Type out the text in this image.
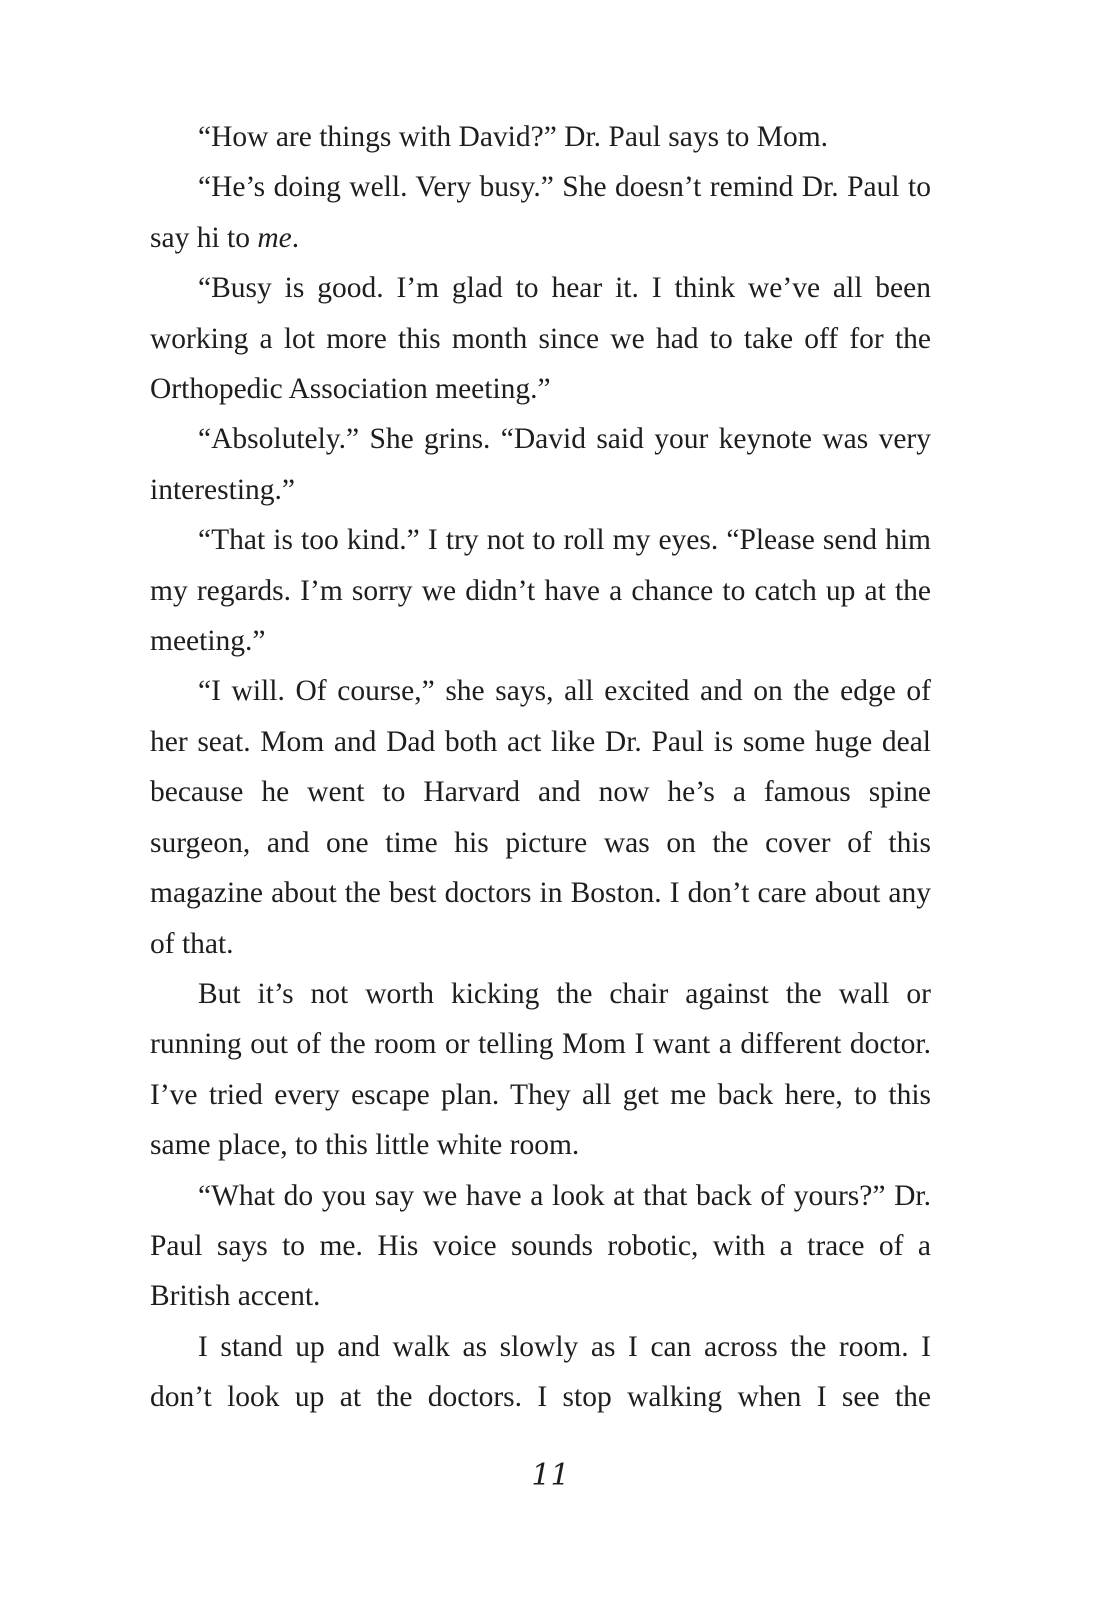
“How are things with David?” Dr. Paul says to Mom.

“He’s doing well. Very busy.” She doesn’t remind Dr. Paul to say hi to me.

“Busy is good. I’m glad to hear it. I think we’ve all been working a lot more this month since we had to take off for the Orthopedic Association meeting.”

“Absolutely.” She grins. “David said your keynote was very interesting.”

“That is too kind.” I try not to roll my eyes. “Please send him my regards. I’m sorry we didn’t have a chance to catch up at the meeting.”

“I will. Of course,” she says, all excited and on the edge of her seat. Mom and Dad both act like Dr. Paul is some huge deal because he went to Harvard and now he’s a famous spine surgeon, and one time his picture was on the cover of this magazine about the best doctors in Boston. I don’t care about any of that.

But it’s not worth kicking the chair against the wall or running out of the room or telling Mom I want a different doctor. I’ve tried every escape plan. They all get me back here, to this same place, to this little white room.

“What do you say we have a look at that back of yours?” Dr. Paul says to me. His voice sounds robotic, with a trace of a British accent.

I stand up and walk as slowly as I can across the room. I don’t look up at the doctors. I stop walking when I see the

11
